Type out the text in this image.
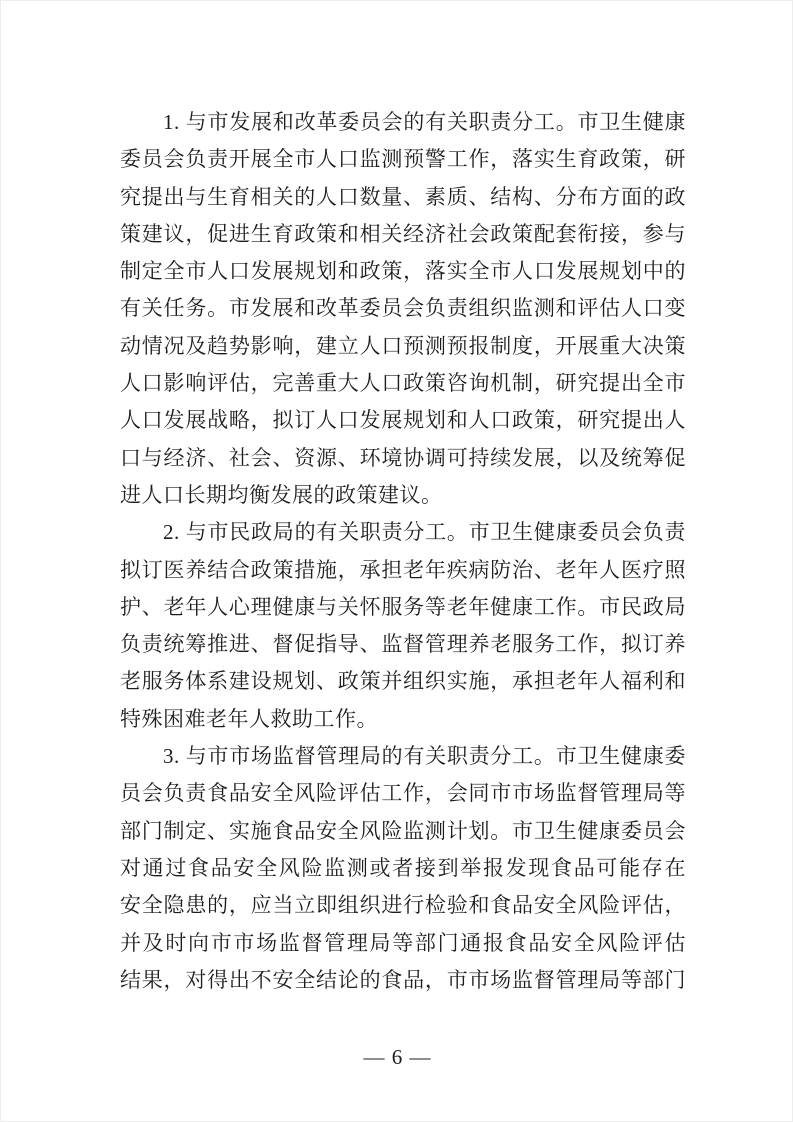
1. 与市发展和改革委员会的有关职责分工。市卫生健康
委员会负责开展全市人口监测预警工作，落实生育政策，研
究提出与生育相关的人口数量、素质、结构、分布方面的政
策建议，促进生育政策和相关经济社会政策配套衔接，参与
制定全市人口发展规划和政策，落实全市人口发展规划中的
有关任务。市发展和改革委员会负责组织监测和评估人口变
动情况及趋势影响，建立人口预测预报制度，开展重大决策
人口影响评估，完善重大人口政策咨询机制，研究提出全市
人口发展战略，拟订人口发展规划和人口政策，研究提出人
口与经济、社会、资源、环境协调可持续发展，以及统筹促
进人口长期均衡发展的政策建议。
2. 与市民政局的有关职责分工。市卫生健康委员会负责
拟订医养结合政策措施，承担老年疾病防治、老年人医疗照
护、老年人心理健康与关怀服务等老年健康工作。市民政局
负责统筹推进、督促指导、监督管理养老服务工作，拟订养
老服务体系建设规划、政策并组织实施，承担老年人福利和
特殊困难老年人救助工作。
3. 与市市场监督管理局的有关职责分工。市卫生健康委
员会负责食品安全风险评估工作，会同市市场监督管理局等
部门制定、实施食品安全风险监测计划。市卫生健康委员会
对通过食品安全风险监测或者接到举报发现食品可能存在
安全隐患的，应当立即组织进行检验和食品安全风险评估，
并及时向市市场监督管理局等部门通报食品安全风险评估
结果，对得出不安全结论的食品，市市场监督管理局等部门
— 6 —
